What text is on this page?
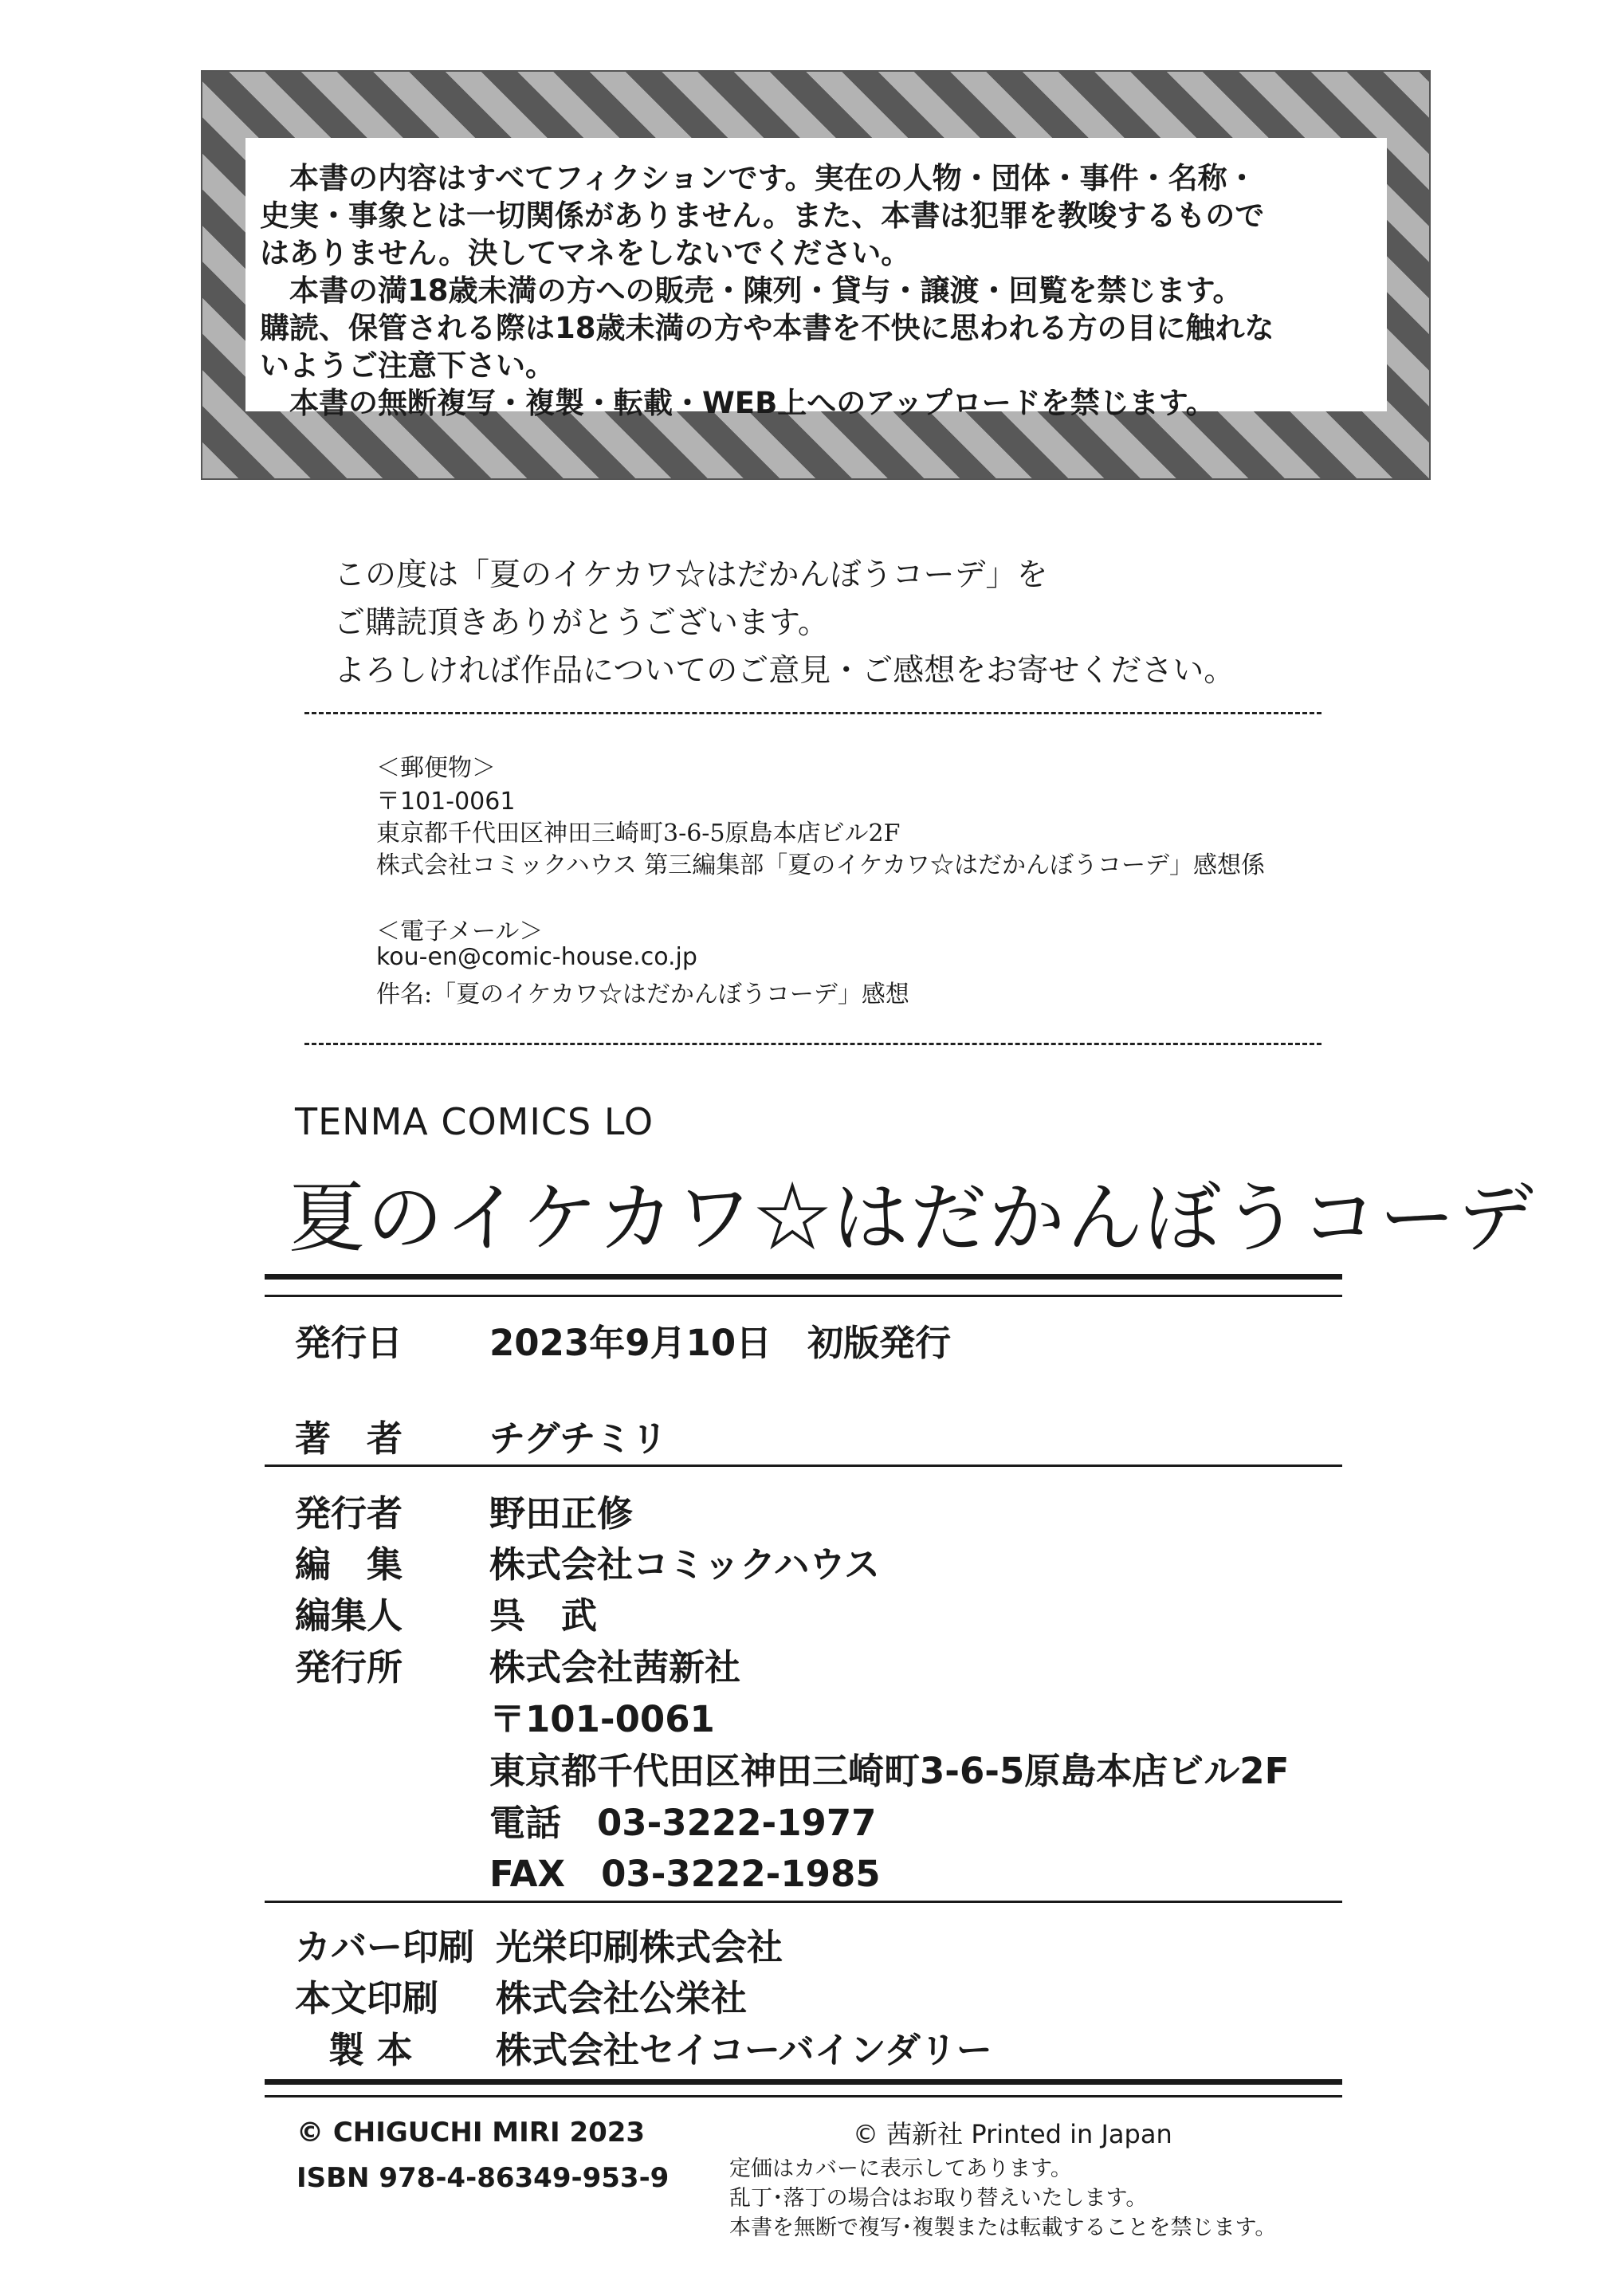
　本書の内容はすべてフィクションです。実在の人物・団体・事件・名称・

史実・事象とは一切関係がありません。また、本書は犯罪を教唆するもので

はありません。決してマネをしないでください。

　本書の満18歳未満の方への販売・陳列・貸与・譲渡・回覧を禁じます。

購読、保管される際は18歳未満の方や本書を不快に思われる方の目に触れな

いようご注意下さい。

　本書の無断複写・複製・転載・WEB上へのアップロードを禁じます。

この度は「夏のイケカワ☆はだかんぼうコーデ」を
ご購読頂きありがとうございます。
よろしければ作品についてのご意見・ご感想をお寄せください。
＜郵便物＞
〒101-0061
東京都千代田区神田三崎町3-6-5原島本店ビル2F
株式会社コミックハウス 第三編集部「夏のイケカワ☆はだかんぼうコーデ」感想係
＜電子メール＞
kou-en@comic-house.co.jp
件名:「夏のイケカワ☆はだかんぼうコーデ」感想
TENMA COMICS LO
夏のイケカワ☆はだかんぼうコーデ
発行日 2023年9月10日　初版発行
著　者 チグチミリ
発行者 野田正修
編　集 株式会社コミックハウス
編集人 呉　武
発行所 株式会社茜新社
〒101-0061
東京都千代田区神田三崎町3-6-5原島本店ビル2F
電話　03-3222-1977
FAX　03-3222-1985
カバー印刷 光栄印刷株式会社
本文印刷 株式会社公栄社
製 本 株式会社セイコーバインダリー
© CHIGUCHI MIRI 2023
ISBN 978-4-86349-953-9
© 茜新社 Printed in Japan
定価はカバーに表示してあります。
乱丁･落丁の場合はお取り替えいたします。
本書を無断で複写･複製または転載することを禁じます。
